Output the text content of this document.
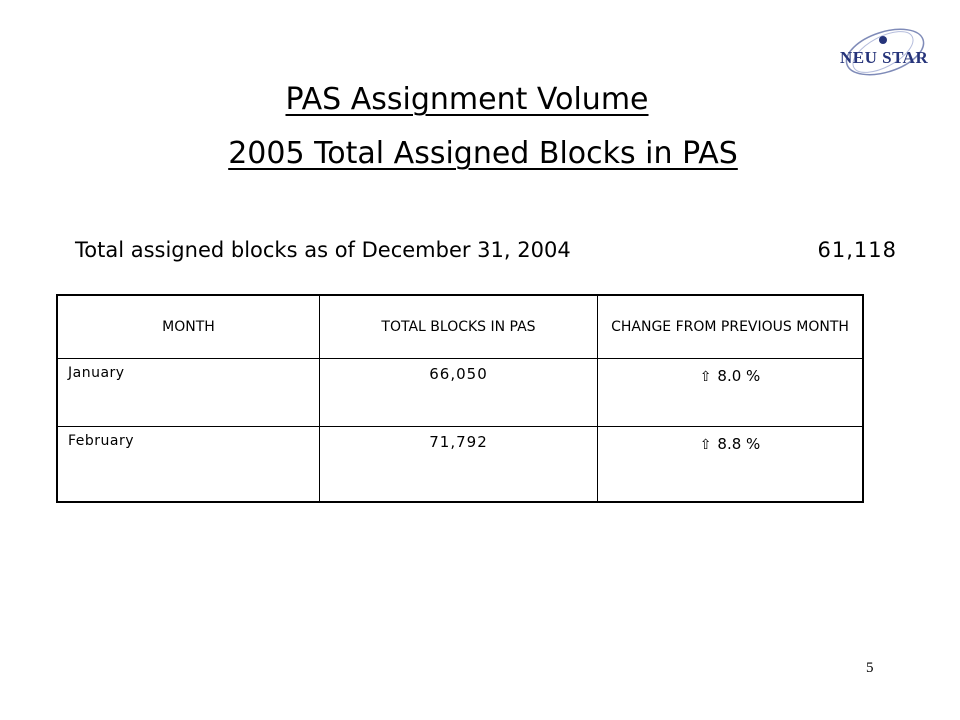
NEU STAR
PAS Assignment Volume
2005 Total Assigned Blocks in PAS
Total assigned blocks as of December 31, 2004	61,118
MONTH	TOTAL BLOCKS IN PAS	CHANGE FROM PREVIOUS MONTH
January	66,050	⇧ 8.0 %
February	71,792	⇧ 8.8 %
5
